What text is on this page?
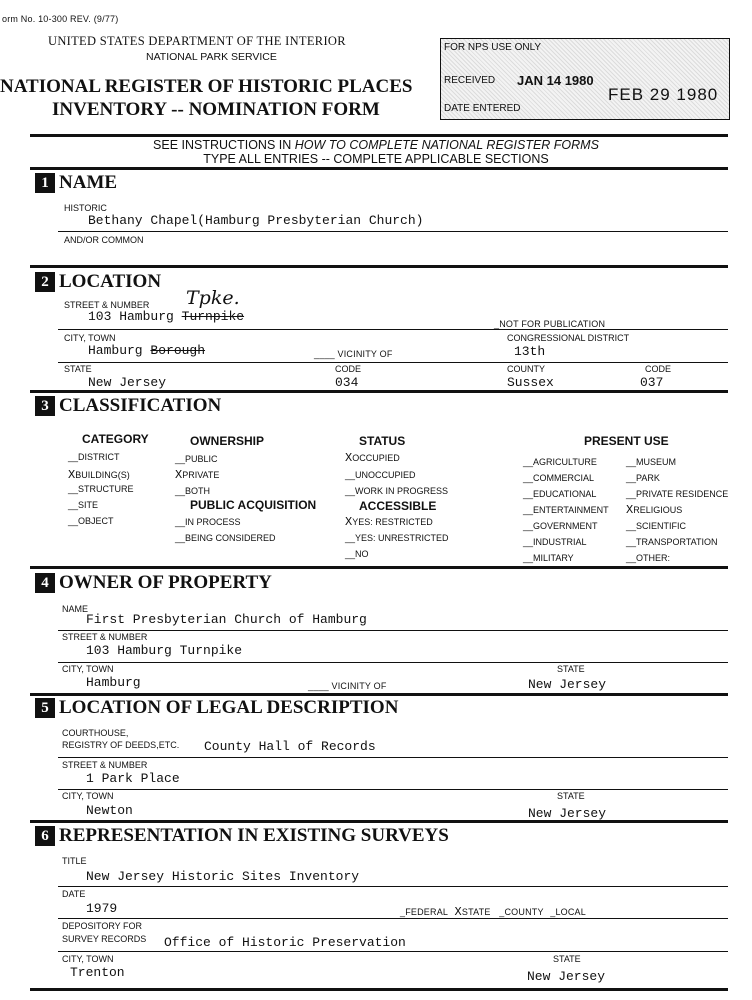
orm No. 10-300 REV. (9/77)
UNITED STATES DEPARTMENT OF THE INTERIOR
NATIONAL PARK SERVICE
NATIONAL REGISTER OF HISTORIC PLACES
INVENTORY -- NOMINATION FORM
FOR NPS USE ONLY
RECEIVED JAN 14 1980
FEB 29 1980
DATE ENTERED
SEE INSTRUCTIONS IN HOW TO COMPLETE NATIONAL REGISTER FORMS
TYPE ALL ENTRIES -- COMPLETE APPLICABLE SECTIONS
1 NAME
HISTORIC
Bethany Chapel(Hamburg Presbyterian Church)
AND/OR COMMON
2 LOCATION
STREET & NUMBER Tpke.
103 Hamburg Turnpike	_NOT FOR PUBLICATION
CITY, TOWN	CONGRESSIONAL DISTRICT
Hamburg Borough	____ VICINITY OF	13th
STATE	CODE	COUNTY	CODE
New Jersey	034	Sussex	037
3 CLASSIFICATION
CATEGORY
__DISTRICT
XBUILDING(S)
__STRUCTURE
__SITE
__OBJECT
OWNERSHIP
__PUBLIC
XPRIVATE
__BOTH
PUBLIC ACQUISITION
__IN PROCESS
__BEING CONSIDERED
STATUS
XOCCUPIED
__UNOCCUPIED
__WORK IN PROGRESS
ACCESSIBLE
XYES: RESTRICTED
__YES: UNRESTRICTED
__NO
PRESENT USE
__AGRICULTURE
__COMMERCIAL
__EDUCATIONAL
__ENTERTAINMENT
__GOVERNMENT
__INDUSTRIAL
__MILITARY
__MUSEUM
__PARK
__PRIVATE RESIDENCE
XRELIGIOUS
__SCIENTIFIC
__TRANSPORTATION
__OTHER:
4 OWNER OF PROPERTY
NAME
First Presbyterian Church of Hamburg
STREET & NUMBER
103 Hamburg Turnpike
CITY, TOWN	STATE
Hamburg	____ VICINITY OF	New Jersey
5 LOCATION OF LEGAL DESCRIPTION
COURTHOUSE,
REGISTRY OF DEEDS,ETC. County Hall of Records
STREET & NUMBER
1 Park Place
CITY, TOWN	STATE
Newton	New Jersey
6 REPRESENTATION IN EXISTING SURVEYS
TITLE
New Jersey Historic Sites Inventory
DATE
1979	_FEDERAL XSTATE _COUNTY _LOCAL
DEPOSITORY FOR
SURVEY RECORDS Office of Historic Preservation
CITY, TOWN	STATE
Trenton	New Jersey
